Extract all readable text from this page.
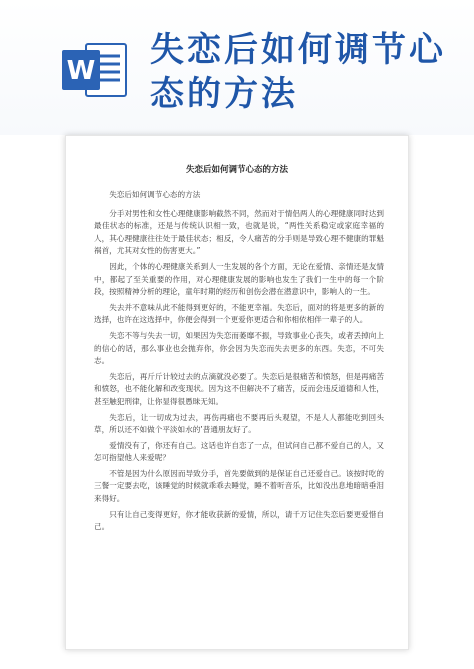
W
失恋后如何调节心
态的方法
失恋后如何调节心态的方法

失恋后如何调节心态的方法

分手对男性和女性心理健康影响截然不同，然而对于情侣两人的心理健康同时达到最佳状态的标准，还是与传统认识相一致，也就是说，“两性关系稳定或家庭幸福的人，其心理健康往往处于最佳状态；相反，令人痛苦的分手则是导致心理不健康的罪魁祸首，尤其对女性的伤害更大。”

因此，个体的心理健康关系到人一生发展的各个方面，无论在爱情、亲情还是友情中，都起了至关重要的作用，对心理健康发展的影响也发生了我们一生中的每一个阶段，按照精神分析的理论，童年时期的经历和创伤会潜在潜意识中，影响人的一生。

失去并不意味从此不能得到更好的，不能更幸福。失恋后，面对的将是更多的新的选择，也许在这选择中，你便会得到一个更爱你更适合和你相依相伴一辈子的人。

失恋不等与失去一切，如果因为失恋而萎靡不振，导致事业心丧失，或者丢掉向上的信心的话，那么事业也会抛弃你，你会因为失恋而失去更多的东西。失恋，不可失志。

失恋后，再斤斤计较过去的点滴就没必要了。失恋后是很痛苦和愤怒，但是再痛苦和愤怒，也不能化解和改变现状。因为这不但解决不了痛苦，反而会违反道德和人性，甚至触犯刑律，让你显得很愚昧无知。

失恋后，让一切成为过去，再伤再痛也不要再后头观望，不是人人都能吃到回头草，所以还不如做个平淡如水的’普通朋友好了。

爱情没有了，你还有自己。这话也许自恋了一点，但试问自己都不爱自己的人，又怎可指望他人来爱呢？

不管是因为什么原因而导致分手，首先要做到的是保证自己还爱自己。该按时吃的三餐一定要去吃，该睡觉的时候就乖乖去睡觉，睡不着听音乐，比如没出息地暗暗垂泪来得好。

只有让自己变得更好，你才能收获新的爱情，所以，请千万记住失恋后要更爱惜自己。
